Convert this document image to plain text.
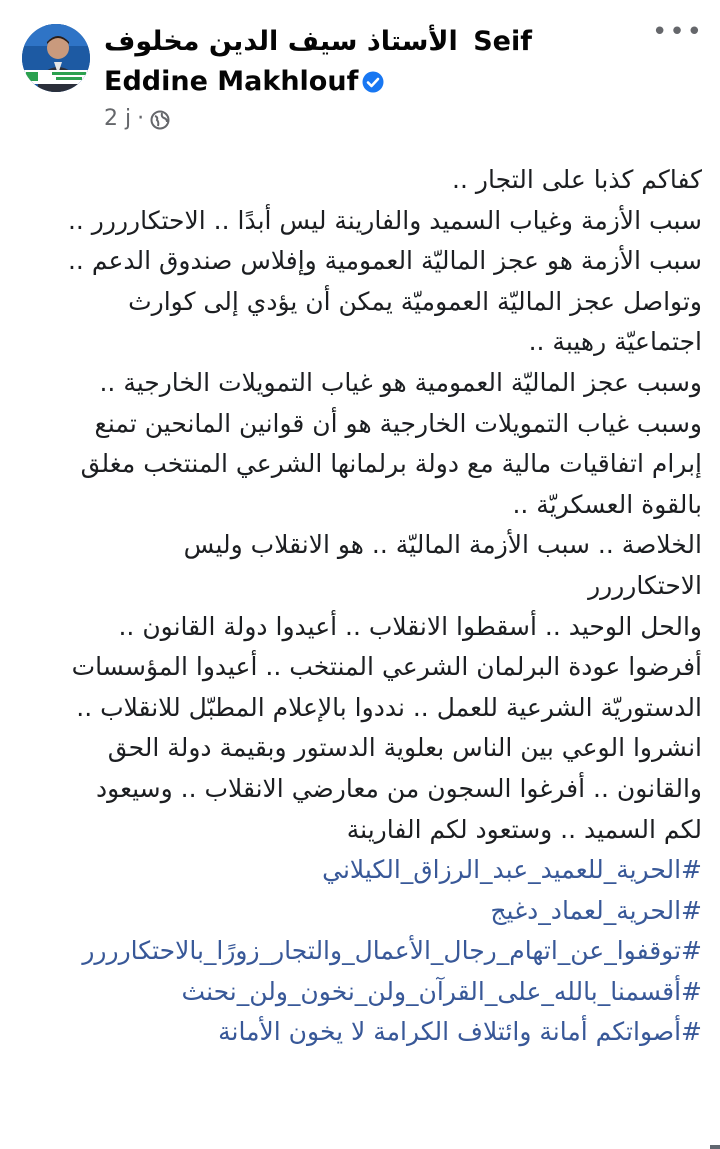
الأستاذ سيف الدين مخلوف Seif Eddine Makhlouf
•••
2 j ·
كفاكم كذبا على التجار ..
سبب الأزمة وغياب السميد والفارينة ليس أبدًا .. الاحتكارررر ..
سبب الأزمة هو عجز الماليّة العمومية وإفلاس صندوق الدعم ..
وتواصل عجز الماليّة العموميّة يمكن أن يؤدي إلى كوارث
اجتماعيّة رهيبة ..
وسبب عجز الماليّة العمومية هو غياب التمويلات الخارجية ..
وسبب غياب التمويلات الخارجية هو أن قوانين المانحين تمنع
إبرام اتفاقيات مالية مع دولة برلمانها الشرعي المنتخب مغلق
بالقوة العسكريّة ..
الخلاصة .. سبب الأزمة الماليّة .. هو الانقلاب وليس
الاحتكارررر
والحل الوحيد .. أسقطوا الانقلاب .. أعيدوا دولة القانون ..
أفرضوا عودة البرلمان الشرعي المنتخب .. أعيدوا المؤسسات
الدستوريّة الشرعية للعمل .. نددوا بالإعلام المطبّل للانقلاب ..
انشروا الوعي بين الناس بعلوية الدستور وبقيمة دولة الحق
والقانون .. أفرغوا السجون من معارضي الانقلاب .. وسيعود
لكم السميد .. وستعود لكم الفارينة
#الحرية_للعميد_عبد_الرزاق_الكيلاني
#الحرية_لعماد_دغيج
#توقفوا_عن_اتهام_رجال_الأعمال_والتجار_زورًا_بالاحتكارررر
#أقسمنا_بالله_على_القرآن_ولن_نخون_ولن_نحنث
#أصواتكم أمانة وائتلاف الكرامة لا يخون الأمانة
